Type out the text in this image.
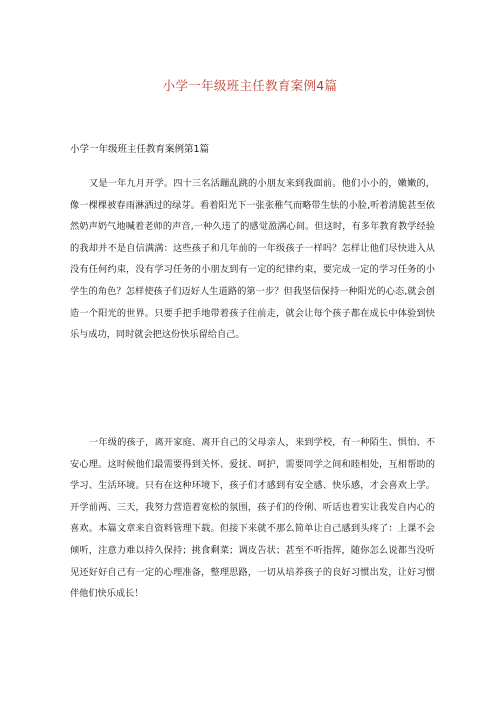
小学一年级班主任教育案例4篇
小学一年级班主任教育案例第1篇

又是一年九月开学。四十三名活蹦乱跳的小朋友来到我面前。他们小小的，嫩嫩的，像一棵棵被春雨淋洒过的绿芽。看着阳光下一张张稚气而略带生怯的小脸,听着清脆甚至依然奶声奶气地喊着老师的声音,一种久违了的感觉盈满心间。但这时，有多年教育教学经验的我却并不是自信满满：这些孩子和几年前的一年级孩子一样吗？怎样让他们尽快进入从没有任何约束，没有学习任务的小朋友到有一定的纪律约束，要完成一定的学习任务的小学生的角色？怎样使孩子们迈好人生道路的第一步？但我坚信保持一种阳光的心态,就会创造一个阳光的世界。只要手把手地带着孩子往前走，就会让每个孩子都在成长中体验到快乐与成功，同时就会把这份快乐留给自己。

一年级的孩子，离开家庭、离开自己的父母亲人，来到学校，有一种陌生、惧怕、不安心理。这时候他们最需要得到关怀、爱抚、呵护，需要同学之间和睦相处，互相帮助的学习、生活环境。只有在这种环境下，孩子们才感到有安全感、快乐感，才会喜欢上学。开学前两、三天，我努力营造着宽松的氛围，孩子们的伶俐、听话也着实让我发自内心的喜欢。本篇文章来自资料管理下载。但接下来就不那么简单让自己感到头疼了：上课不会倾听，注意力难以持久保持；挑食剩菜；调皮告状；甚至不听指挥，随你怎么说都当没听见还好好自己有一定的心理准备，整理思路，一切从培养孩子的良好习惯出发，让好习惯伴他们快乐成长！
